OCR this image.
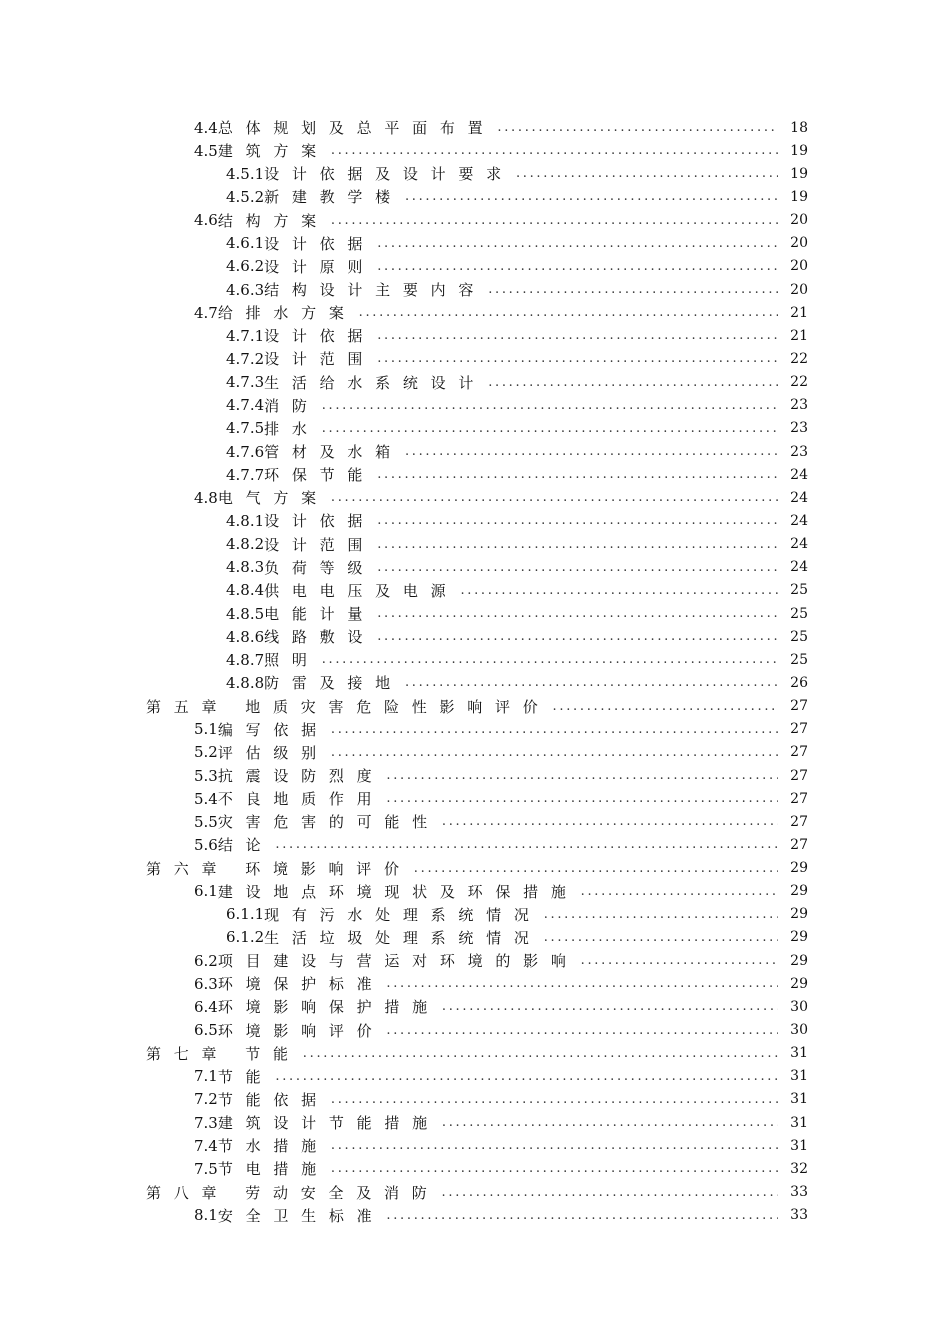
4.4 总体规划及总平面布置 .....	18
4.5 建筑方案 .....	19
4.5.1 设计依据及设计要求 .....	19
4.5.2 新建教学楼 .....	19
4.6 结构方案 .....	20
4.6.1 设计依据 .....	20
4.6.2 设计原则 .....	20
4.6.3 结构设计主要内容 .....	20
4.7 给排水方案 .....	21
4.7.1 设计依据 .....	21
4.7.2 设计范围 .....	22
4.7.3 生活给水系统设计 .....	22
4.7.4 消防 .....	23
4.7.5 排水 .....	23
4.7.6 管材及水箱 .....	23
4.7.7 环保节能 .....	24
4.8 电气方案 .....	24
4.8.1 设计依据 .....	24
4.8.2 设计范围 .....	24
4.8.3 负荷等级 .....	24
4.8.4 供电电压及电源 .....	25
4.8.5 电能计量 .....	25
4.8.6 线路敷设 .....	25
4.8.7 照明 .....	25
4.8.8 防雷及接地 .....	26
第五章 地质灾害危险性影响评价 .....	27
5.1 编写依据 .....	27
5.2 评估级别 .....	27
5.3 抗震设防烈度 .....	27
5.4 不良地质作用 .....	27
5.5 灾害危害的可能性 .....	27
5.6 结论 .....	27
第六章 环境影响评价 .....	29
6.1 建设地点环境现状及环保措施 .....	29
6.1.1 现有污水处理系统情况 .....	29
6.1.2 生活垃圾处理系统情况 .....	29
6.2 项目建设与营运对环境的影响 .....	29
6.3 环境保护标准 .....	29
6.4 环境影响保护措施 .....	30
6.5 环境影响评价 .....	30
第七章 节能 .....	31
7.1 节能 .....	31
7.2 节能依据 .....	31
7.3 建筑设计节能措施 .....	31
7.4 节水措施 .....	31
7.5 节电措施 .....	32
第八章 劳动安全及消防 .....	33
8.1 安全卫生标准 .....	33
